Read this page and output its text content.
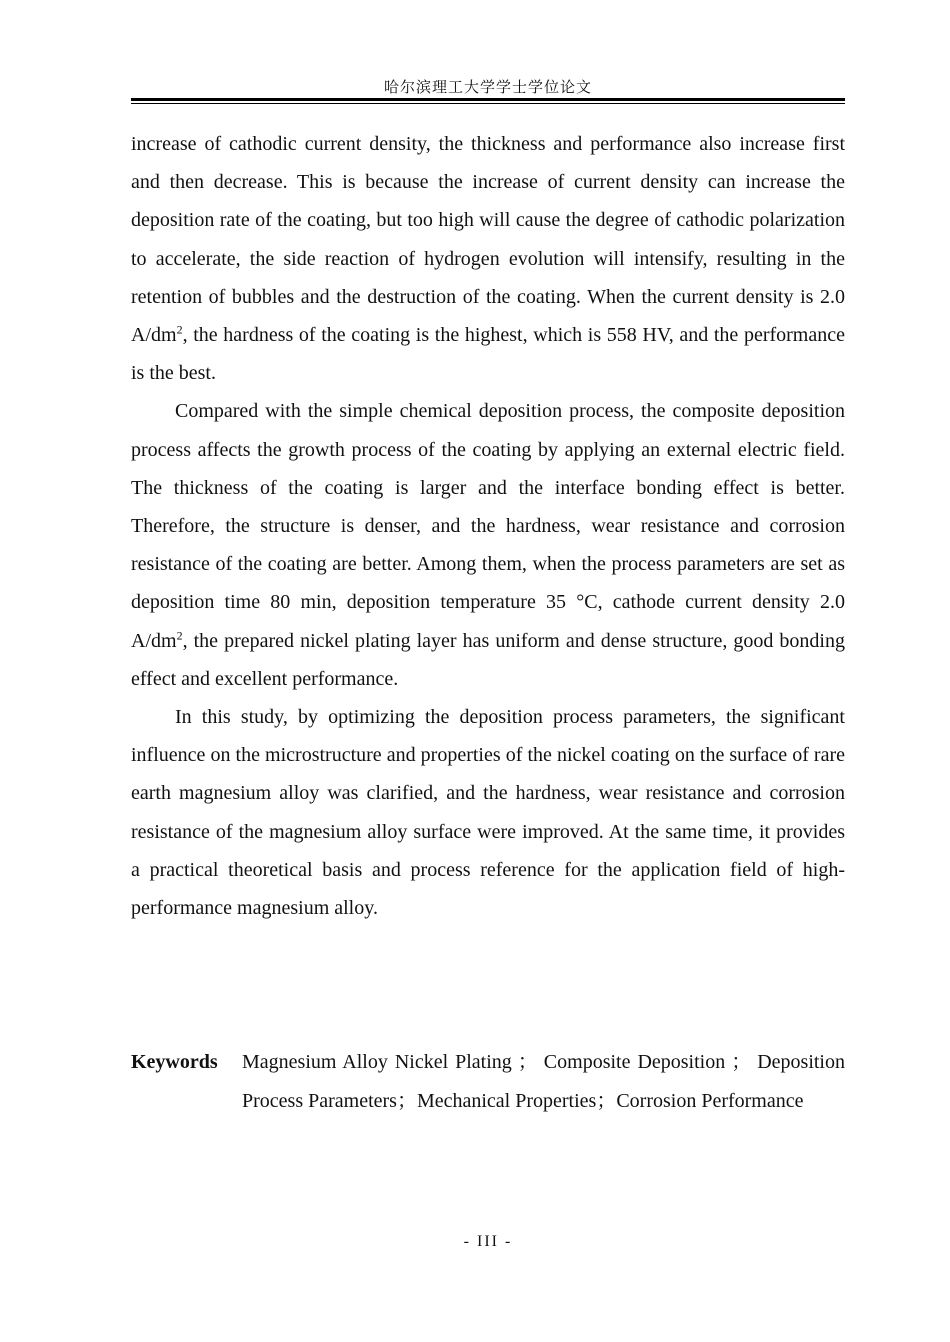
哈尔滨理工大学学士学位论文

increase of cathodic current density, the thickness and performance also increase first and then decrease. This is because the increase of current density can increase the deposition rate of the coating, but too high will cause the degree of cathodic polarization to accelerate, the side reaction of hydrogen evolution will intensify, resulting in the retention of bubbles and the destruction of the coating. When the current density is 2.0 $A/dm^2$, the hardness of the coating is the highest, which is 558 HV, and the performance is the best.

Compared with the simple chemical deposition process, the composite deposition process affects the growth process of the coating by applying an external electric field. The thickness of the coating is larger and the interface bonding effect is better. Therefore, the structure is denser, and the hardness, wear resistance and corrosion resistance of the coating are better. Among them, when the process parameters are set as deposition time 80 min, deposition temperature 35 °C, cathode current density 2.0 $A/dm^2$, the prepared nickel plating layer has uniform and dense structure, good bonding effect and excellent performance.

In this study, by optimizing the deposition process parameters, the significant influence on the microstructure and properties of the nickel coating on the surface of rare earth magnesium alloy was clarified, and the hardness, wear resistance and corrosion resistance of the magnesium alloy surface were improved. At the same time, it provides a practical theoretical basis and process reference for the application field of high-performance magnesium alloy.

Keywords	Magnesium Alloy Nickel Plating ； Composite Deposition ； Deposition Process Parameters；Mechanical Properties；Corrosion Performance
- III -
